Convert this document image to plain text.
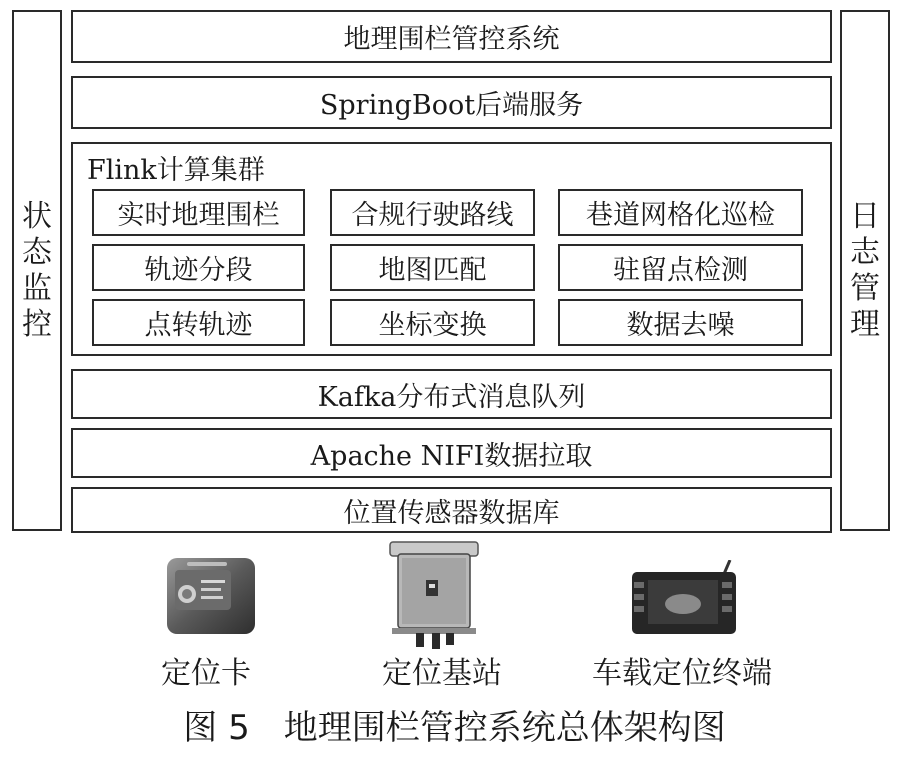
状
态
监
控
日
志
管
理
地理围栏管控系统
SpringBoot后端服务
Flink计算集群
实时地理围栏	合规行驶路线	巷道网格化巡检
轨迹分段	地图匹配	驻留点检测
点转轨迹	坐标变换	数据去噪
Kafka分布式消息队列
Apache NIFI数据拉取
位置传感器数据库
定位卡	定位基站	车载定位终端
图 5　地理围栏管控系统总体架构图
